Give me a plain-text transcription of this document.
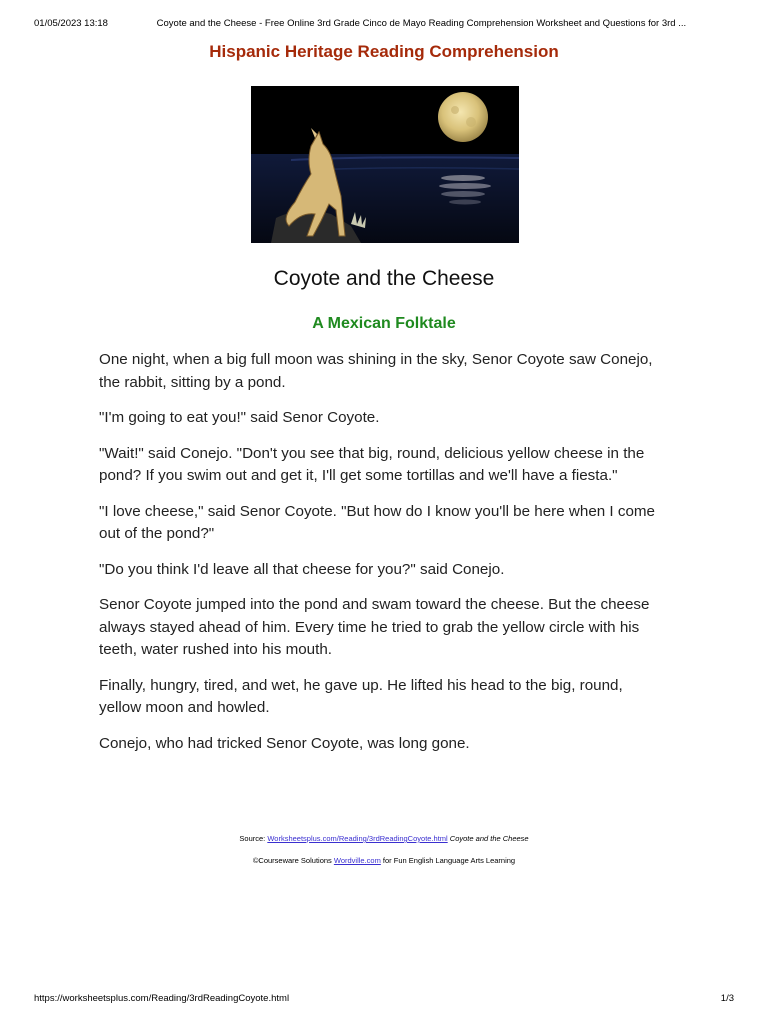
01/05/2023 13:18	Coyote and the Cheese - Free Online 3rd Grade Cinco de Mayo Reading Comprehension Worksheet and Questions for 3rd ...
Hispanic Heritage Reading Comprehension
Coyote and the Cheese
A Mexican Folktale

One night, when a big full moon was shining in the sky, Senor Coyote saw Conejo, the rabbit, sitting by a pond.

"I'm going to eat you!" said Senor Coyote.

"Wait!" said Conejo. "Don't you see that big, round, delicious yellow cheese in the pond? If you swim out and get it, I'll get some tortillas and we'll have a fiesta."

"I love cheese," said Senor Coyote. "But how do I know you'll be here when I come out of the pond?"

"Do you think I'd leave all that cheese for you?" said Conejo.

Senor Coyote jumped into the pond and swam toward the cheese. But the cheese always stayed ahead of him. Every time he tried to grab the yellow circle with his teeth, water rushed into his mouth.

Finally, hungry, tired, and wet, he gave up. He lifted his head to the big, round, yellow moon and howled.

Conejo, who had tricked Senor Coyote, was long gone.

Source: Worksheetsplus.com/Reading/3rdReadingCoyote.html Coyote and the Cheese
©Courseware Solutions Wordville.com for Fun English Language Arts Learning
https://worksheetsplus.com/Reading/3rdReadingCoyote.html	1/3
